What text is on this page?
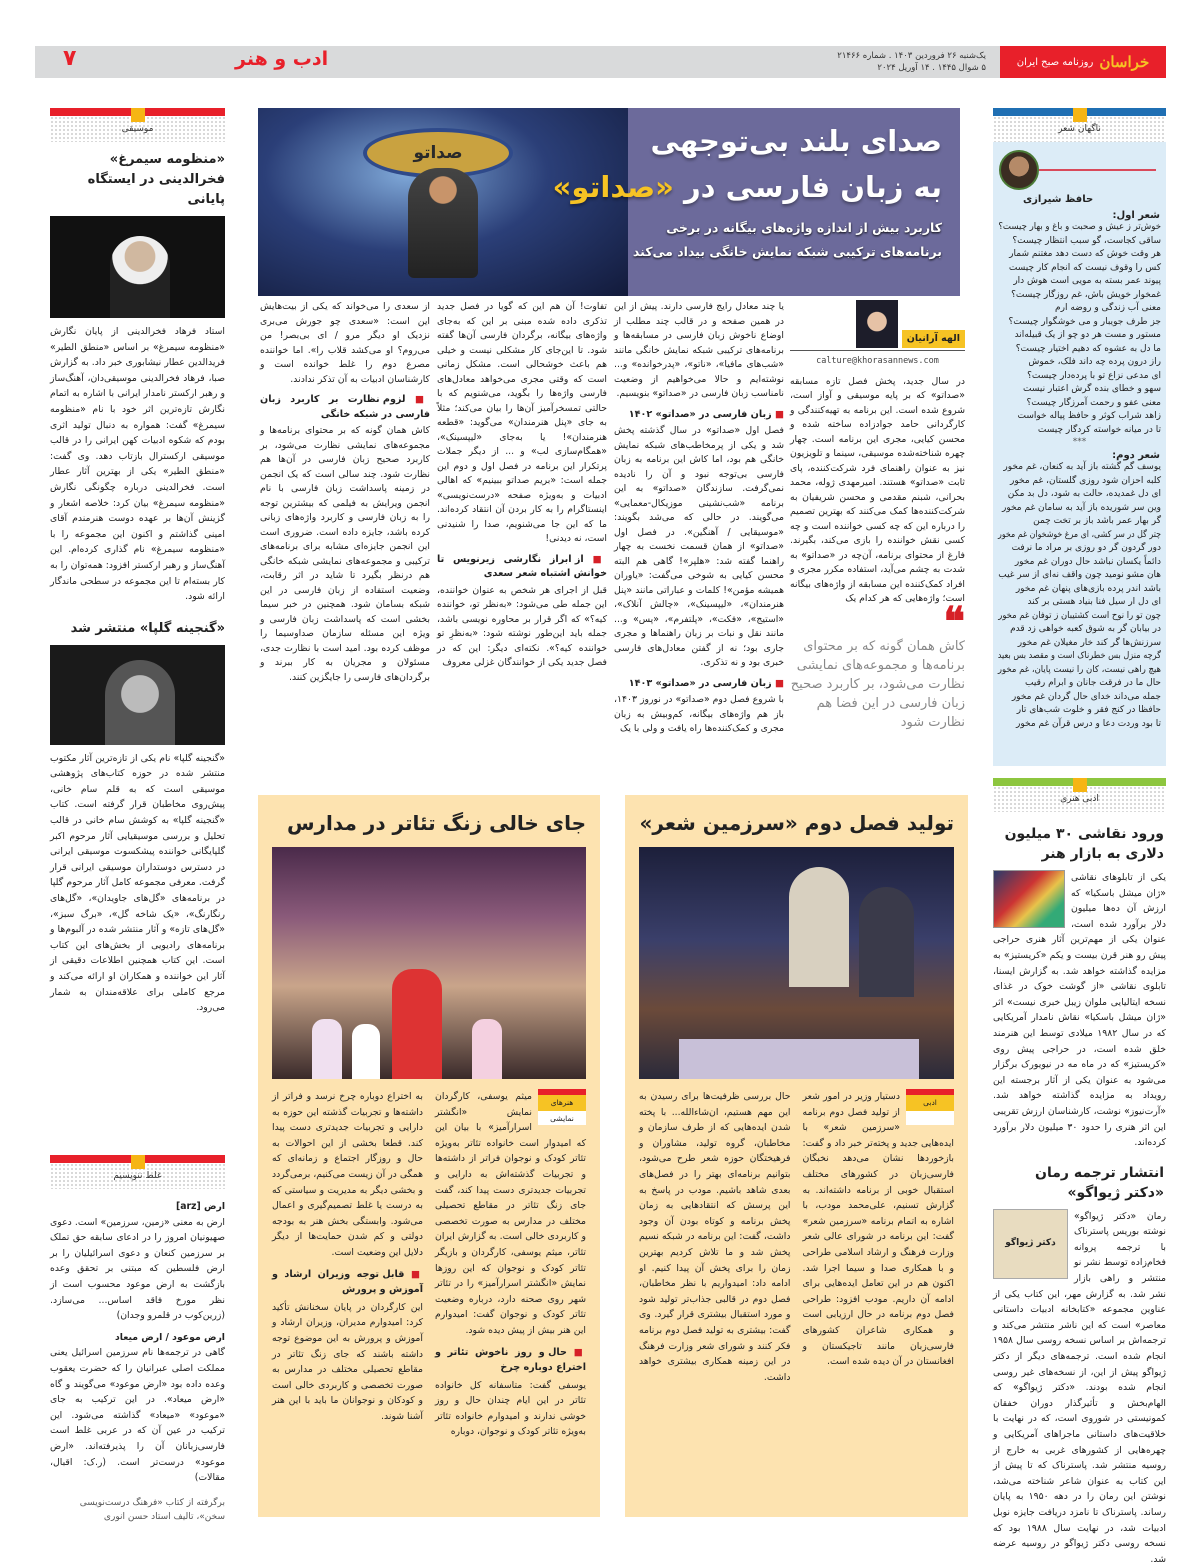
خراسان
روزنامه صبح ایران
یک‌شنبه ۲۶ فروردین ۱۴۰۳ . شماره ۲۱۴۶۶
۵ شوال ۱۴۴۵ . ۱۴ آوریل ۲۰۲۴
ادب و هنر
۷
ناگهان شعر
حافظ شیرازی
شعر اول:
خوش‌تر ز عیش و صحبت و باغ و بهار چیست؟
ساقی کجاست، گو سبب انتظار چیست؟
هر وقت خوش که دست دهد مغتنم شمار
کس را وقوف نیست که انجام کار چیست
پیوند عمر بسته به مویی است هوش دار
غمخوار خویش باش، غم روزگار چیست؟
معنی آب زندگی و روضه ارم
جز طرف جویبار و می خوشگوار چیست؟
مستور و مست هر دو چو از یک قبیله‌اند
ما دل به عشوه که دهیم اختیار چیست؟
راز درون پرده چه داند فلک، خموش
ای مدعی نزاع تو با پرده‌دار چیست؟
سهو و خطای بنده گرش اعتبار نیست
معنی عفو و رحمت آمرزگار چیست؟
زاهد شراب کوثر و حافظ پیاله خواست
تا در میانه خواسته کردگار چیست
***
شعر دوم:
یوسف گم گشته باز آید به کنعان، غم مخور
کلبه احزان شود روزی گلستان، غم مخور
ای دل غمدیده، حالت به شود، دل بد مکن
وین سر شوریده باز آید به سامان غم مخور
گر بهار عمر باشد باز بر تخت چمن
چتر گل در سر کشی، ای مرغ خوشخوان غم مخور
دور گردون گر دو روزی بر مراد ما نرفت
دائماً یکسان نباشد حال دوران غم مخور
هان مشو نومید چون واقف نه‌ای از سر غیب
باشد اندر پرده بازی‌های پنهان غم مخور
ای دل ار سیل فنا بنیاد هستی بر کند
چون تو را نوح است کشتیبان ز توفان غم مخور
در بیابان گر به شوق کعبه خواهی زد قدم
سرزنش‌ها گر کند خار مغیلان غم مخور
گرچه منزل بس خطرناک است و مقصد بس بعید
هیچ راهی نیست، کان را نیست پایان، غم مخور
حال ما در فرقت جانان و ابرام رقیب
جمله می‌داند خدای حال گردان غم مخور
حافظا در کنج فقر و خلوت شب‌های تار
تا بود وردت دعا و درس قرآن غم مخور
ادبی هنری
ورود نقاشی ۳۰ میلیون دلاری به بازار هنر
یکی از تابلوهای نقاشی «ژان میشل باسکیا» که ارزش آن ده‌ها میلیون دلار برآورد شده است، عنوان یکی از مهم‌ترین آثار هنری حراجی پیش رو هنر قرن بیست و یکم «کریستیز» به مزایده گذاشته خواهد شد. به گزارش ایسنا، تابلوی نقاشی «از گوشت خوک در غذای نسخه ایتالیایی ملوان زیبل خبری نیست» اثر «ژان میشل باسکیا» نقاش نامدار آمریکایی که در سال ۱۹۸۲ میلادی توسط این هنرمند خلق شده است، در حراجی پیش روی «کریستیز» که در ماه مه در نیویورک برگزار می‌شود به عنوان یکی از آثار برجسته این رویداد به مزایده گذاشته خواهد شد. «آرت‌نیوز» نوشت، کارشناسان ارزش تقریبی این اثر هنری را حدود ۳۰ میلیون دلار برآورد کرده‌اند.
انتشار ترجمه رمان «دکتر ژیواگو»
دکتر ژیواگو
رمان «دکتر ژیواگو» نوشته بوریس پاسترناک با ترجمه پروانه فخام‌زاده توسط نشر نو منتشر و راهی بازار نشر شد. به گزارش مهر، این کتاب یکی از عناوین مجموعه «کتابخانه ادبیات داستانی معاصر» است که این ناشر منتشر می‌کند و ترجمه‌اش بر اساس نسخه روسی سال ۱۹۵۸ انجام شده است. ترجمه‌های دیگر از دکتر ژیواگو پیش از این، از نسخه‌های غیر روسی انجام شده بودند. «دکتر ژیواگو» که الهام‌بخش و تأثیرگذار دوران خفقان کمونیستی در شوروی است، که در نهایت با خلاقیت‌های داستانی ماجراهای آمریکایی و چهره‌هایی از کشورهای غربی به خارج از روسیه منتشر شد. پاسترناک که تا پیش از این کتاب به عنوان شاعر شناخته می‌شد، نوشتن این رمان را در دهه ۱۹۵۰ به پایان رساند. پاسترناک تا نامزد دریافت جایزه نوبل ادبیات شد، در نهایت سال ۱۹۸۸ بود که نسخه روسی دکتر ژیواگو در روسیه عرضه شد.
صداتو	صدای بلند بی‌توجهی
به زبان فارسی در «صداتو»
کاربرد بیش از اندازه واژه‌های بیگانه در برخی
برنامه‌های ترکیبی شبکه نمایش خانگی بیداد می‌کند
الهه آرانیان
calture@khorasannews.com
در سال جدید، پخش فصل تازه مسابقه «صداتو» که بر پایه موسیقی و آواز است، شروع شده است. این برنامه به تهیه‌کنندگی و کارگردانی حامد جوادزاده ساخته شده و محسن کیایی، مجری این برنامه است. چهار چهره شناخته‌شده موسیقی، سینما و تلویزیون نیز به عنوان راهنمای فرد شرکت‌کننده، پای ثابت «صداتو» هستند. امیرمهدی ژوله، محمد بحرانی، شبنم مقدمی و محسن شریفیان به شرکت‌کننده‌ها کمک می‌کنند که بهترین تصمیم را درباره این که چه کسی خواننده است و چه کسی نقش خواننده را بازی می‌کند، بگیرند. فارغ از محتوای برنامه، آن‌چه در «صداتو» به شدت به چشم می‌آید، استفاده مکرر مجری و افراد کمک‌کننده این مسابقه از واژه‌های بیگانه است؛ واژه‌هایی که هر کدام یک
❝
کاش همان گونه که بر محتوای برنامه‌ها و مجموعه‌های نمایشی نظارت می‌شود، بر کاربرد صحیح زبان فارسی در این فضا هم نظارت شود

یا چند معادل رایج فارسی دارند. پیش از این در همین صفحه و در قالب چند مطلب از اوضاع ناخوش زبان فارسی در مسابقه‌ها و برنامه‌های ترکیبی شبکه نمایش خانگی مانند «شب‌های مافیا»، «ناتو»، «پدرخوانده» و... نوشته‌ایم و حالا می‌خواهیم از وضعیت نامناسب زبان فارسی در «صداتو» بنویسیم.

■ زبان فارسی در «صداتو» ۱۴۰۲

فصل اول «صداتو» در سال گذشته پخش شد و یکی از پرمخاطب‌های شبکه نمایش خانگی هم بود، اما کاش این برنامه به زبان فارسی بی‌توجه نبود و آن را نادیده نمی‌گرفت. سازندگان «صداتو» به این برنامه «شب‌نشینی موزیکال-معمایی» می‌گویند. در حالی که می‌شد بگویند: «موسیقایی / آهنگین». در فصل اول «صداتو» از همان قسمت نخست به چهار راهنما گفته شد: «هلپر»! گاهی هم البته محسن کیایی به شوخی می‌گفت: «یاوران همیشه مؤمن»! کلمات و عباراتی مانند «پنل هنرمندان»، «لیپسینک»، «چالش آنلاک»، «استیج»، «فکت»، «پلتفرم»، «پس» و... مانند نقل و نبات بر زبان راهنماها و مجری جاری بود؛ نه از گفتن معادل‌های فارسی خبری بود و نه تذکری.

■ زبان فارسی در «صداتو» ۱۴۰۳

با شروع فصل دوم «صداتو» در نوروز ۱۴۰۳، باز هم واژه‌های بیگانه، کم‌وبیش به زبان مجری و کمک‌کننده‌ها راه یافت و ولی با یک

تفاوت! آن هم این که گویا در فصل جدید تذکری داده شده مبنی بر این که به‌جای واژه‌های بیگانه، برگردان فارسی آن‌ها گفته شود. تا این‌جای کار مشکلی نیست و خیلی هم باعث خوشحالی است. مشکل زمانی است که وقتی مجری می‌خواهد معادل‌های فارسی واژه‌ها را بگوید، می‌شنویم که با حالتی تمسخرآمیز آن‌ها را بیان می‌کند؛ مثلاً به جای «پنل هنرمندان» می‌گوید: «قطعه هنرمندان»! یا به‌جای «لیپسینک»، «همگام‌سازی لب» و ... از دیگر جملات پرتکرار این برنامه در فصل اول و دوم این جمله است: «بریم صداتو ببینیم» که اهالی ادبیات و به‌ویژه صفحه «درست‌نویسی» اینستاگرام را به کار بردن آن انتقاد کرده‌اند. ما که این جا می‌شنویم، صدا را شنیدنی است، نه دیدنی!

■ از ابراز نگارشی زیرنویس تا خوانش اشتباه شعر سعدی

قبل از اجرای هر شخص به عنوان خواننده، این جمله طی می‌شود: «به‌نظر تو، خواننده کیه؟» که اگر قرار بر محاوره نویسی باشد، جمله باید این‌طور نوشته شود: «به‌نظرِ تو خواننده کیه؟». نکته‌ای دیگر: این که در فصل جدید یکی از خوانندگان غزلی معروف

از سعدی را می‌خواند که یکی از بیت‌هایش این است: «سعدی چو جورش می‌بری نزدیک او دیگر مرو / ای بی‌بصر! من می‌روم؟ او می‌کشد قلاب را». اما خواننده مصرع دوم را غلط خوانده است و کارشناسان ادبیات به آن تذکر ندادند.

■ لزوم نظارت بر کاربرد زبان فارسی در شبکه خانگی

کاش همان گونه که بر محتوای برنامه‌ها و مجموعه‌های نمایشی نظارت می‌شود، بر کاربرد صحیح زبان فارسی در آن‌ها هم نظارت شود. چند سالی است که یک انجمن در زمینه پاسداشت زبان فارسی با نام انجمن ویرایش به فیلمی که بیشترین توجه را به زبان فارسی و کاربرد واژه‌های زبانی کرده باشد، جایزه داده است. ضروری است این انجمن جایزه‌ای مشابه برای برنامه‌های ترکیبی و مجموعه‌های نمایشی شبکه خانگی هم درنظر بگیرد تا شاید در اثر رقابت، وضعیت استفاده از زبان فارسی در این شبکه بسامان شود. همچنین در خبر سیما بخشی است که پاسداشت زبان فارسی و ویژه این مسئله سازمان صداوسیما را موظف کرده بود. امید است با نظارت جدی، مسئولان و مجریان به کار ببرند و برگردان‌های فارسی را جایگزین کنند.

تولید فصل دوم «سرزمین شعر»
ادبی
دستیار وزیر در امور شعر از تولید فصل دوم برنامه «سرزمین شعر» با ایده‌هایی جدید و پخته‌تر خبر داد و گفت: بازخوردها نشان می‌دهد نخبگان فارسی‌زبان در کشورهای مختلف استقبال خوبی از برنامه داشته‌اند. به گزارش تسنیم، علی‌محمد مودب، با اشاره به اتمام برنامه «سرزمین شعر» گفت: این برنامه در شورای عالی شعر وزارت فرهنگ و ارشاد اسلامی طراحی و با همکاری صدا و سیما اجرا شد. اکنون هم در این تعامل ایده‌هایی برای ادامه آن داریم. مودب افزود: طراحی فصل دوم برنامه در حال ارزیابی است و همکاری شاعران کشورهای فارسی‌زبان مانند تاجیکستان و افغانستان در آن دیده شده است.
حال بررسی ظرفیت‌ها برای رسیدن به این مهم هستیم، ان‌شاءالله... با پخته شدن ایده‌هایی که از طرف سازمان و مخاطبان، گروه تولید، مشاوران و فرهیختگان حوزه شعر طرح می‌شود، بتوانیم برنامه‌ای بهتر را در فصل‌های بعدی شاهد باشیم. مودب در پاسخ به این پرسش که انتقادهایی به زمان پخش برنامه و کوتاه بودن آن وجود داشت، گفت: این برنامه در شبکه نسیم پخش شد و ما تلاش کردیم بهترین زمان را برای پخش آن پیدا کنیم. او ادامه داد: امیدواریم با نظر مخاطبان، فصل دوم در قالبی جذاب‌تر تولید شود و مورد استقبال بیشتری قرار گیرد. وی گفت: بیشتری به تولید فصل دوم برنامه فکر کنند و شورای شعر وزارت فرهنگ در این زمینه همکاری بیشتری خواهد داشت.
جای خالی زنگ تئاتر در مدارس
هنرهای نمایشی
میثم یوسفی، کارگردان نمایش «انگشتر اسرارآمیز» با بیان این که امیدوار است خانواده تئاتر به‌ویژه تئاتر کودک و نوجوان فراتر از داشته‌ها و تجربیات گذشته‌اش به دارایی و تجربیات جدیدتری دست پیدا کند، گفت جای زنگ تئاتر در مقاطع تحصیلی مختلف در مدارس به صورت تخصصی و کاربردی خالی است. به گزارش ایران تئاتر، میثم یوسفی، کارگردان و بازیگر تئاتر کودک و نوجوان که این روزها نمایش «انگشتر اسرارآمیز» را در تئاتر شهر روی صحنه دارد، درباره وضعیت تئاتر کودک و نوجوان گفت: امیدوارم این هنر بیش از پیش دیده شود.
■ حال و روز ناخوش تئاتر و اختراع دوباره چرخ
یوسفی گفت: متاسفانه کل خانواده تئاتر در این ایام چندان حال و روز خوشی ندارند و امیدوارم خانواده تئاتر به‌ویژه تئاتر کودک و نوجوان، دوباره
به اختراع دوباره چرخ نرسد و فراتر از داشته‌ها و تجربیات گذشته این حوزه به دارایی و تجربیات جدیدتری دست پیدا کند. قطعا بخشی از این احوالات به حال و روزگار اجتماع و زمانه‌ای که همگی در آن زیست می‌کنیم، برمی‌گردد و بخشی دیگر به مدیریت و سیاستی که به درست یا غلط تصمیم‌گیری و اعمال می‌شود. وابستگی بخش هنر به بودجه دولتی و کم شدن حمایت‌ها از دیگر دلایل این وضعیت است.
■ قابل توجه وزیران ارشاد و آموزش و پرورش
این کارگردان در پایان سخنانش تأکید کرد: امیدوارم مدیران، وزیران ارشاد و آموزش و پرورش به این موضوع توجه داشته باشند که جای زنگ تئاتر در مقاطع تحصیلی مختلف در مدارس به صورت تخصصی و کاربردی خالی است و کودکان و نوجوانان ما باید با این هنر آشنا شوند.
موسیقی
«منظومه سیمرغ» فخرالدینی در ایستگاه پایانی
استاد فرهاد فخرالدینی از پایان نگارش «منظومه سیمرغ» بر اساس «منطق الطیر» فریدالدین عطار نیشابوری خبر داد. به گزارش صبا، فرهاد فخرالدینی موسیقی‌دان، آهنگ‌ساز و رهبر ارکستر نامدار ایرانی با اشاره به اتمام نگارش تازه‌ترین اثر خود با نام «منظومه سیمرغ» گفت: همواره به دنبال تولید اثری بودم که شکوه ادبیات کهن ایرانی را در قالب موسیقی ارکسترال بازتاب دهد. وی گفت: «منطق الطیر» یکی از بهترین آثار عطار است. فخرالدینی درباره چگونگی نگارش «منظومه سیمرغ» بیان کرد: خلاصه اشعار و گزینش آن‌ها بر عهده دوست هنرمندم آقای امینی گذاشتم و اکنون این مجموعه را با «منظومه سیمرغ» نام گذاری کرده‌ام. این آهنگ‌ساز و رهبر ارکستر افزود: همه‌توان را به کار بسته‌ام تا این مجموعه در سطحی ماندگار ارائه شود.
«گنجینه گلپا» منتشر شد
«گنجینه گلپا» نام یکی از تازه‌ترین آثار مکتوب منتشر شده در حوزه کتاب‌های پژوهشی موسیقی است که به قلم سام خانی، پیش‌روی مخاطبان قرار گرفته است. کتاب «گنجینه گلپا» به کوشش سام خانی در قالب تحلیل و بررسی موسیقیایی آثار مرحوم اکبر گلپایگانی خواننده پیشکسوت موسیقی ایرانی در دسترس دوستداران موسیقی ایرانی قرار گرفت. معرفی مجموعه کامل آثار مرحوم گلپا در برنامه‌های «گل‌های جاویدان»، «گل‌های رنگارنگ»، «یک شاخه گل»، «برگ سبز»، «گل‌های تازه» و آثار منتشر شده در آلبوم‌ها و برنامه‌های رادیویی از بخش‌های این کتاب است. این کتاب همچنین اطلاعات دقیقی از آثار این خواننده و همکاران او ارائه می‌کند و مرجع کاملی برای علاقه‌مندان به شمار می‌رود.
غلط ننویسیم
ارض [arz]

ارض به معنی «زمین، سرزمین» است. دعوی صهیونیان امروز را در ادعای سابقه حق تملک بر سرزمین کنعان و دعوی اسرائیلیان را بر ارض فلسطین که مبتنی بر تحقق وعده بازگشت به ارض موعود محسوب است از نظر مورخ فاقد اساس... می‌سازد. (زرین‌کوب در قلمرو وجدان)

ارض موعود / ارض میعاد

گاهی در ترجمه‌ها نام سرزمین اسرائیل یعنی مملکت اصلی عبرانیان را که حضرت یعقوب وعده داده بود «ارض موعود» می‌گویند و گاه «ارض میعاد». در این ترکیب به جای «موعود» «میعاد» گذاشته می‌شود. این ترکیب در عین آن که در عربی غلط است فارسی‌زبانان آن را پذیرفته‌اند. «ارض موعود» درست‌تر است. (ر.ک: اقبال، مقالات)

برگرفته از کتاب «فرهنگ درست‌نویسی سخن»، تالیف استاد حسن انوری
